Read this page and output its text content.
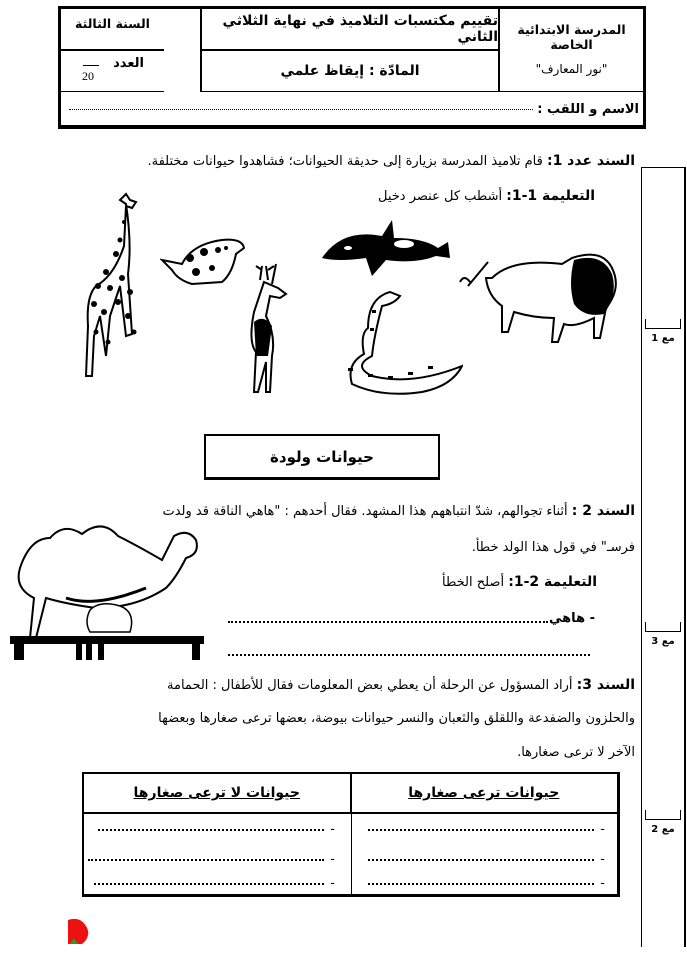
المدرسة الابتدائية الخاصة
"نور المعارف"
تقييم مكتسبات التلاميذ في نهاية الثلاثي الثاني
المادّة : إيقاظ علمي
السنة الثالثة
العدد
20
الاسم و اللقب :
مع 1
مع 3
مع 2
السند عدد 1: قام تلاميذ المدرسة بزيارة إلى حديقة الحيوانات؛ فشاهدوا حيوانات مختلفة.
التعليمة 1-1: أشطب كل عنصر دخيل
حيوانات ولودة
السند 2 : أثناء تجوالهم، شدّ انتباههم هذا المشهد. فقال أحدهم : "هاهي الناقة قد ولدت
فرسـ" في قول هذا الولد خطأ.
التعليمة 2-1: أصلح الخطأ
- هاهي
السند 3: أراد المسؤول عن الرحلة أن يعطي بعض المعلومات فقال للأطفال : الحمامة
والحلزون والضفدعة واللقلق والثعبان والنسر حيوانات بيوضة، بعضها ترعى صغارها وبعضها
الآخر لا ترعى صغارها.
حيوانات ترعى صغارها
حيوانات لا ترعى صغارها
-
-
-
-
-
-
